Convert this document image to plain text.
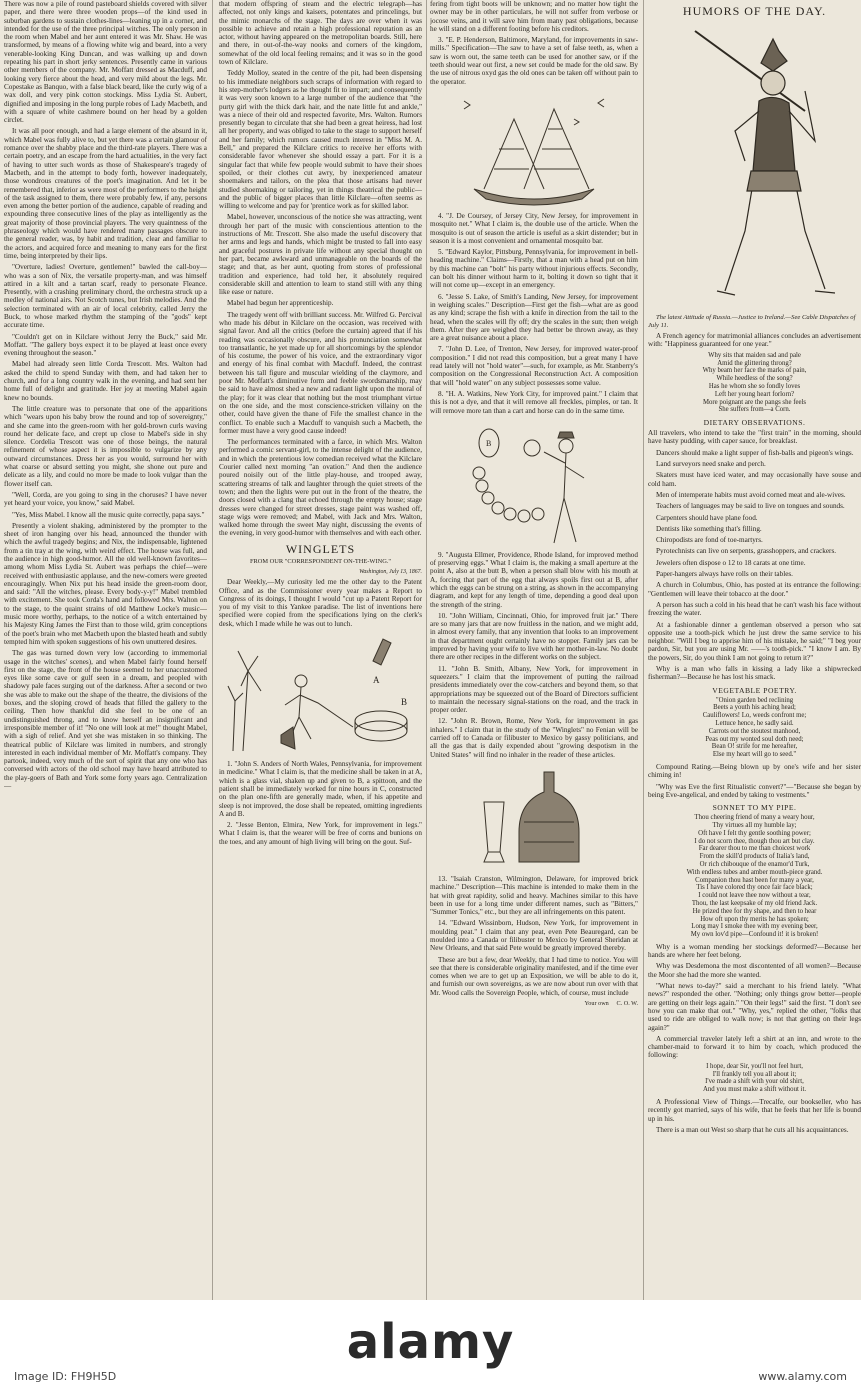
There was now a pile of round pasteboard shields covered with silver paper, and there were three wooden props—of the kind used in suburban gardens to sustain clothes-lines—leaning up in a corner, and intended for the use of the three principal witches. The only person in the room when Mabel and her aunt entered it was Mr. Shaw. He was transformed, by means of a flowing white wig and beard, into a very venerable-looking King Duncan, and was walking up and down repeating his part in short jerky sentences. Presently came in various other members of the company. Mr. Moffatt dressed as Macduff, and looking very fierce about the head, and very mild about the legs. Mr. Copestake as Banquo, with a false black beard, like the curly wig of a wax doll, and very pink cotton stockings. Miss Lydia St. Aubert, dignified and imposing in the long purple robes of Lady Macbeth, and with a square of white cashmere bound on her head by a golden circlet.

It was all poor enough, and had a large element of the absurd in it, which Mabel was fully alive to, but yet there was a certain glamour of romance over the shabby place and the third-rate players. There was a certain poetry, and an escape from the hard actualities, in the very fact of having to utter such words as those of Shakespeare's tragedy of Macbeth, and in the attempt to body forth, however inadequately, those wondrous creatures of the poet's imagination. And let it be remembered that, inferior as were most of the performers to the height of the task assigned to them, there were probably few, if any, persons even among the better portion of the audience, capable of reading and expounding three consecutive lines of the play as intelligently as the great majority of those provincial players. The very quaintness of the phraseology which would have rendered many passages obscure to the general reader, was, by habit and tradition, clear and familiar to the actors, and acquired force and meaning to many ears for the first time, being interpreted by their lips.

"Overture, ladies! Overture, gentlemen!" bawled the call-boy—who was a son of Nix, the versatile property-man, and was himself attired in a kilt and a tartan scarf, ready to personate Fleance. Presently, with a crashing preliminary chord, the orchestra struck up a medley of national airs. Not Scotch tunes, but Irish melodies. And the selection terminated with an air of local celebrity, called Jerry the Buck, to whose marked rhythm the stamping of the "gods" kept accurate time.

"Couldn't get on in Kilclare without Jerry the Buck," said Mr. Moffatt. "The gallery boys expect it to be played at least once every evening throughout the season."

Mabel had already seen little Corda Trescott. Mrs. Walton had asked the child to spend Sunday with them, and had taken her to church, and for a long country walk in the evening, and had sent her home full of delight and gratitude. Her joy at meeting Mabel again knew no bounds.

The little creature was to personate that one of the apparitions which "wears upon his baby brow the round and top of sovereignty," and she came into the green-room with her gold-brown curls waving round her delicate face, and crept up close to Mabel's side in shy silence. Cordelia Trescott was one of those beings, the natural refinement of whose aspect it is impossible to vulgarize by any outward circumstances. Dress her as you would, surround her with what coarse or absurd setting you might, she shone out pure and delicate as a lily, and could no more be made to look vulgar than the flower itself can.

"Well, Corda, are you going to sing in the choruses? I have never yet heard your voice, you know," said Mabel.

"Yes, Miss Mabel. I know all the music quite correctly, papa says."

Presently a violent shaking, administered by the prompter to the sheet of iron hanging over his head, announced the thunder with which the awful tragedy begins; and Nix, the indispensable, lightened from a tin tray at the wing, with weird effect. The house was full, and the audience in high good-humor. All the old well-known favorites—among whom Miss Lydia St. Aubert was perhaps the chief—were received with enthusiastic applause, and the new-comers were greeted encouragingly. When Nix put his head inside the green-room door, and said: "All the witches, please. Every body-y-y!" Mabel trembled with excitement. She took Corda's hand and followed Mrs. Walton on to the stage, to the quaint strains of old Matthew Locke's music—music more worthy, perhaps, to the notice of a witch entertained by his Majesty King James the First than to those wild, grim conceptions of the poet's brain who met Macbeth upon the blasted heath and subtly tempted him with spoken suggestions of his own unuttered desires.

The gas was turned down very low (according to immemorial usage in the witches' scenes), and when Mabel fairly found herself first on the stage, the front of the house seemed to her unaccustomed eyes like some cave or gulf seen in a dream, and peopled with shadowy pale faces surging out of the darkness. After a second or two she was able to make out the shape of the theatre, the divisions of the boxes, and the sloping crowd of heads that filled the gallery to the ceiling. Then how thankful did she feel to be one of an undistinguished throng, and to know herself an insignificant and irresponsible member of it! "No one will look at me!" thought Mabel, with a sigh of relief. And yet she was mistaken in so thinking. The theatrical public of Kilclare was limited in numbers, and strongly interested in each individual member of Mr. Moffatt's company. They partook, indeed, very much of the sort of spirit that any one who has conversed with actors of the old school may have heard attributed to the play-goers of Bath and York some forty years ago. Centralization—

that modern offspring of steam and the electric telegraph—has affected, not only kings and kaisers, potentates and princelings, but the mimic monarchs of the stage. The days are over when it was possible to achieve and retain a high professional reputation as an actor, without having appeared on the metropolitan boards. Still, here and there, in out-of-the-way nooks and corners of the kingdom, somewhat of the old local feeling remains; and it was so in the good town of Kilclare.

Teddy Molloy, seated in the centre of the pit, had been dispensing to his immediate neighbors such scraps of information with regard to his step-mother's lodgers as he thought fit to impart; and consequently it was very soon known to a large number of the audience that "the purty girl with the thick dark hair, and the nate little fut and ankle," was a niece of their old and respected favorite, Mrs. Walton. Rumors presently began to circulate that she had been a great heiress, had lost all her property, and was obliged to take to the stage to support herself and her family; which rumors caused much interest in "Miss M. A. Bell," and prepared the Kilclare critics to receive her efforts with considerable favor whenever she should essay a part. For it is a singular fact that while few people would submit to have their shoes spoiled, or their clothes cut awry, by inexperienced amateur shoemakers and tailors, on the plea that those artisans had never studied shoemaking or tailoring, yet in things theatrical the public—and the public of bigger places than little Kilclare—often seems as willing to welcome and pay for 'prentice work as for skilled labor.

Mabel, however, unconscious of the notice she was attracting, went through her part of the music with conscientious attention to the instructions of Mr. Trescott. She also made the useful discovery that her arms and legs and hands, which might be trusted to fall into easy and graceful postures in private life without any special thought on her part, became awkward and unmanageable on the boards of the stage; and that, as her aunt, quoting from stores of professional tradition and experience, had told her, it absolutely required considerable skill and attention to learn to stand still with any thing like ease or nature.

Mabel had begun her apprenticeship.

The tragedy went off with brilliant success. Mr. Wilfred G. Percival who made his début in Kilclare on the occasion, was received with signal favor. And all the critics (before the curtain) agreed that if his reading was occasionally obscure, and his pronunciation somewhat too transatlantic, he yet made up for all shortcomings by the splendor of his costume, the power of his voice, and the extraordinary vigor and energy of his final combat with Macduff. Indeed, the contrast between his tall figure and muscular wielding of the claymore, and poor Mr. Moffatt's diminutive form and feeble swordsmanship, may be said to have almost shed a new and radiant light upon the moral of the play; for it was clear that nothing but the most triumphant virtue on the one side, and the most conscience-stricken villainy on the other, could have given the thane of Fife the smallest chance in the conflict. To enable such a Macduff to vanquish such a Macbeth, the former must have a very good cause indeed!

The performances terminated with a farce, in which Mrs. Walton performed a comic servant-girl, to the intense delight of the audience, and in which the pretentious low comedian received what the Kilclare Courier called next morning "an ovation." And then the audience poured noisily out of the little play-house, and trooped away, scattering streams of talk and laughter through the quiet streets of the town; and then the lights were put out in the front of the theatre, the doors closed with a clang that echoed through the empty house; stage dresses were changed for street dresses, stage paint was washed off, stage wigs were removed; and Mabel, with Jack and Mrs. Walton, walked home through the sweet May night, discussing the events of the evening, in very good-humor with themselves and with each other.

WINGLETS
FROM OUR "CORRESPONDENT ON-THE-WING."
Washington, July 13, 1867.

Dear Weekly,—My curiosity led me the other day to the Patent Office, and as the Commissioner every year makes a Report to Congress of its doings, I thought I would "cut up a Patent Report for you of my visit to this Yankee paradise. The list of inventions here specified were copied from the specifications lying on the clerk's desk, which I made while he was out to lunch.

A
B

1. "John S. Anders of North Wales, Pennsylvania, for improvement in medicine." What I claim is, that the medicine shall be taken in at A, which is a glass vial, shaken up and given to B, a spittoon, and the patient shall be immediately worked for nine hours in C, constructed on the plan one-fifth are generally made, when, if his appetite and sleep is not improved, the dose shall be repeated, omitting ingredients A and B.

2. "Jesse Benton, Elmira, New York, for improvement in legs." What I claim is, that the wearer will be free of corns and bunions on the toes, and any amount of high living will bring on the gout. Suf-

fering from tight boots will be unknown; and no matter how tight the owner may be in other particulars, he will not suffer from verbose or jocose veins, and it will save him from many past obligations, because he will stand on a different footing before his creditors.

3. "E. P. Henderson, Baltimore, Maryland, for improvements in saw-mills." Specification—The saw to have a set of false teeth, as, when a saw is worn out, the same teeth can be used for another saw, or if the teeth should wear out first, a new set could be made for the old saw. By the use of nitrous oxyd gas the old ones can be taken off without pain to the operator.

4. "J. De Coursey, of Jersey City, New Jersey, for improvement in mosquito net." What I claim is, the double use of the article. When the mosquito is out of season the article is useful as a skirt distender; but in season it is a most convenient and ornamental mosquito bar.

5. "Edward Kaylor, Pittsburg, Pennsylvania, for improvement in bell-heading machine." Claims—Firstly, that a man with a head put on him by this machine can "bolt" his party without injurious effects. Secondly, can bolt his dinner without harm to it, bolting it down so tight that it will not come up—except in an emergency.

6. "Jesse S. Lake, of Smith's Landing, New Jersey, for improvement in weighing scales." Description—First get the fish—what are as good as any kind; scrape the fish with a knife in direction from the tail to the head, when the scales will fly off; dry the scales in the sun; then weigh them. After they are weighed they had better be thrown away, as they are a great nuisance about a place.

7. "John D. Lee, of Trenton, New Jersey, for improved water-proof composition." I did not read this composition, but a great many I have read lately will not "hold water"—such, for example, as Mr. Stanberry's composition on the Congressional Reconstruction Act. A composition that will "hold water" on any subject possesses some value.

8. "H. A. Watkins, New York City, for improved paint." I claim that this is not a dye, and that it will remove all freckles, pimples, or tan. It will remove more tan than a cart and horse can do in the same time.

B

9. "Augusta Ellmer, Providence, Rhode Island, for improved method of preserving eggs." What I claim is, the making a small aperture at the point A, also at the butt B, when a person shall blow with his mouth at A, forcing that part of the egg that always spoils first out at B, after which the eggs can be strung on a string, as shown in the accompanying diagram, and kept for any length of time, depending a good deal upon the strength of the string.

10. "John William, Cincinnati, Ohio, for improved fruit jar." There are so many jars that are now fruitless in the nation, and we might add, in almost every family, that any invention that looks to an improvement in that department ought certainly have no stopper. Family jars can be improved by having your wife to live with her mother-in-law. No doubt there are other recipes in the different works on the subject.

11. "John B. Smith, Albany, New York, for improvement in squeezers." I claim that the improvement of putting the railroad presidents immediately over the cow-catchers and beyond them, so that appropriations may be squeezed out of the Board of Directors sufficient to maintain the necessary signal-stations on the road, and the track in proper order.

12. "John R. Brown, Rome, New York, for improvement in gas inhalers." I claim that in the study of the "Winglets" no Fenian will be carried off to Canada or filibuster to Mexico by gassy politicians, and all the gas that is daily expended about "growing despotism in the United States" will find no inhaler in the reader of these articles.

13. "Isaiah Cranston, Wilmington, Delaware, for improved brick machine." Description—This machine is intended to make them in the hat with great rapidity, solid and heavy. Machines similar to this have been in use for a long time under different names, such as "Bitters," "Summer Tonics," etc., but they are all infringements on this patent.

14. "Edward Wissinborn, Hudson, New York, for improvement in moulding peat." I claim that any peat, even Pete Beauregard, can be moulded into a Canada or filibuster to Mexico by General Sheridan at New Orleans, and that said Pete would be greatly improved thereby.

These are but a few, dear Weekly, that I had time to notice. You will see that there is considerable originality manifested, and if the time ever comes when we are to get up an Exposition, we will be able to do it, and furnish our own sovereigns, as we are now about run over with that Mr. Wood calls the Sovereign People, which, of course, must include

Your own C. O. W.
HUMORS OF THE DAY.

The latest Attitude of Russia.—Justice to Ireland.—See Cable Dispatches of July 11.

A French agency for matrimonial alliances concludes an advertisement with: "Happiness guaranteed for one year."

Why sits that maiden sad and pale
Amid the glittering throng?
Why beam her face the marks of pain,
While heedless of the song?
Has he whom she so fondly loves
Left her young heart forlorn?
More poignant are the pangs she feels
She suffers from—a Corn.
DIETARY OBSERVATIONS.

All travelers, who intend to take the "first train" in the morning, should have hasty pudding, with caper sauce, for breakfast.

Dancers should make a light supper of fish-balls and pigeon's wings.

Land surveyors need snake and perch.

Skaters must have iced water, and may occasionally have souse and cold ham.

Men of intemperate habits must avoid corned meat and ale-wives.

Teachers of languages may be said to live on tongues and sounds.

Carpenters should have plane food.

Dentists like something that's filling.

Chiropodists are fond of toe-martyrs.

Pyrotechnists can live on serpents, grasshoppers, and crackers.

Jewelers often dispose o 12 to 18 carats at one time.

Paper-hangers always have rolls on their tables.

A church in Columbus, Ohio, has posted at its entrance the following: "Gentlemen will leave their tobacco at the door."

A person has such a cold in his head that he can't wash his face without freezing the water.

At a fashionable dinner a gentleman observed a person who sat opposite use a tooth-pick which he just drew the same service to his neighbor. "Will I beg to apprise him of his mistake, he said;" "I beg your pardon, Sir, but you are using Mr. ——'s tooth-pick." "I know I am. By the powers, Sir, do you think I am not going to return it?"

Why is a man who falls in kissing a lady like a shipwrecked fisherman?—Because he has lost his smack.

VEGETABLE POETRY.
"Onion garden bed reclining
Beets a youth his aching head;
Cauliflowers! Lo, weeds confront me;
Lettuce hence, he sadly said.
Carrots out the stoutest manhood,
Peas out my wonted soul doth need;
Bean O! strife for me hereafter,
Else my heart will go to seed."

Compound Rating.—Being blown up by one's wife and her sister chiming in!

"Why was Eve the first Ritualistic convert?"—"Because she began by being Eve-angelical, and ended by taking to vestments."

SONNET TO MY PIPE.
Thou cheering friend of many a weary hour,
Thy virtues all my humble lay;
Oft have I felt thy gentle soothing power;
I do not scorn thee, though thou art but clay.
Far dearer thou to me than choicest work
From the skill'd products of Italia's land,
Or rich chibouque of the enamor'd Turk,
With endless tubes and amber mouth-piece grand.
Companion thou hast been for many a year,
Tis I have colored thy once fair face black;
I could not leave thee now without a tear,
Thou, the last keepsake of my old friend Jack.
He prized thee for thy shape, and then to hear
How oft upon thy merits he has spoken;
Long may I smoke thee with my evening beer,
My own lov'd pipe—Confound it! it is broken!

Why is a woman mending her stockings deformed?—Because her hands are where her feet belong.

Why was Desdemona the most discontented of all women?—Because the Moor she had the more she wanted.

"What news to-day?" said a merchant to his friend lately. "What news?" responded the other. "Nothing; only things grow better—people are getting on their legs again." "On their legs!" said the first. "I don't see how you can make that out." "Why, yes," replied the other, "folks that used to ride are obliged to walk now; is not that getting on their legs again?"

A commercial traveler lately left a shirt at an inn, and wrote to the chamber-maid to forward it to him by coach, which produced the following:

I hope, dear Sir, you'll not feel hurt,
I'll frankly tell you all about it;
I've made a shift with your old shirt,
And you must make a shift without it.

A Professional View of Things.—Trecalfe, our bookseller, who has recently got married, says of his wife, that he feels that her life is bound up in his.

There is a man out West so sharp that he cuts all his acquaintances.

alamy
Image ID: FH9H5D	www.alamy.com
